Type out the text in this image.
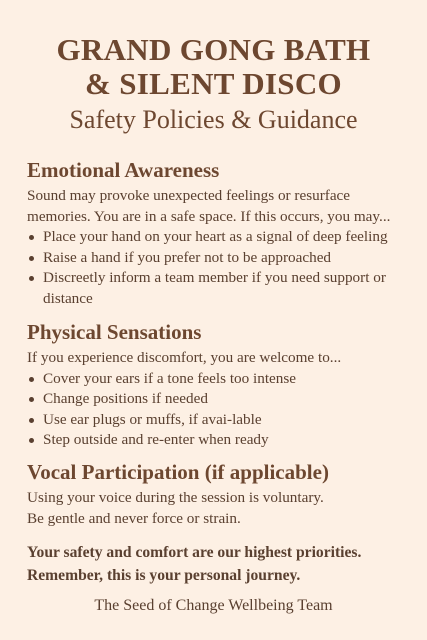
GRAND GONG BATH
& SILENT DISCO
Safety Policies & Guidance
Emotional Awareness

Sound may provoke unexpected feelings or resurface
memories. You are in a safe space. If this occurs, you may...

Place your hand on your heart as a signal of deep feeling
Raise a hand if you prefer not to be approached
Discreetly inform a team member if you need support or distance
Physical Sensations

If you experience discomfort, you are welcome to...

Cover your ears if a tone feels too intense
Change positions if needed
Use ear plugs or muffs, if avai-lable
Step outside and re-enter when ready
Vocal Participation (if applicable)

Using your voice during the session is voluntary.
Be gentle and never force or strain.

Your safety and comfort are our highest priorities.
Remember, this is your personal journey.
The Seed of Change Wellbeing Team
